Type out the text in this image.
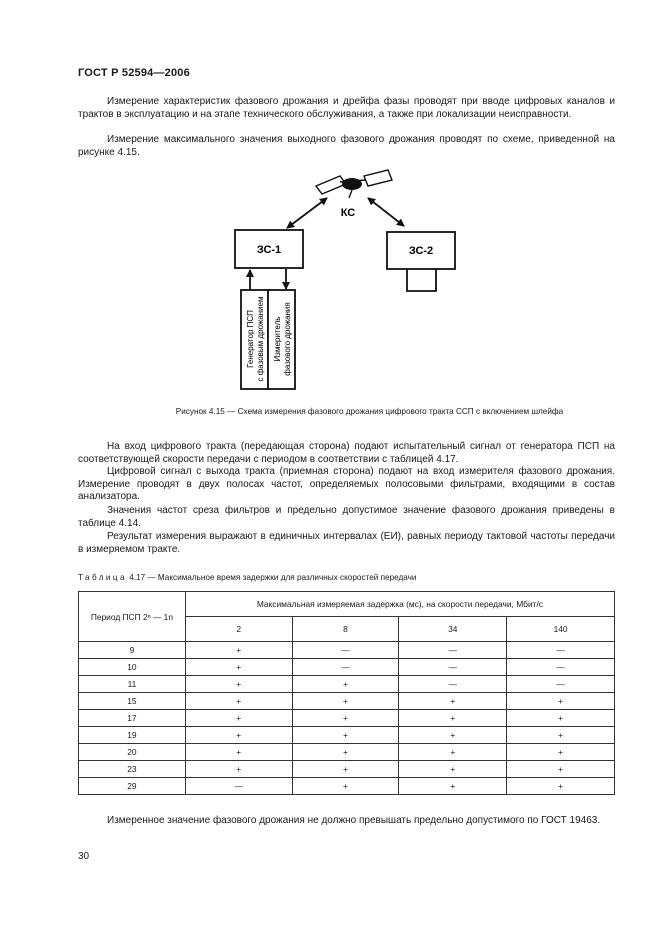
ГОСТ Р 52594—2006

Измерение характеристик фазового дрожания и дрейфа фазы проводят при вводе цифровых каналов и трактов в эксплуатацию и на этапе технического обслуживания, а также при локализации неисправности.

Измерение максимального значения выходного фазового дрожания проводят по схеме, приведенной на рисунке 4.15.

КС
ЗС-1	ЗС-2
Генератор ПСП с фазовым дрожанием Измеритель фазового дрожания
Рисунок 4.15 — Схема измерения фазового дрожания цифрового тракта ССП с включением шлейфа

На вход цифрового тракта (передающая сторона) подают испытательный сигнал от генератора ПСП на соответствующей скорости передачи с периодом в соответствии с таблицей 4.17.

Цифровой сигнал с выхода тракта (приемная сторона) подают на вход измерителя фазового дрожания. Измерение проводят в двух полосах частот, определяемых полосовыми фильтрами, входящими в состав анализатора.

Значения частот среза фильтров и предельно допустимое значение фазового дрожания приведены в таблице 4.14.

Результат измерения выражают в единичных интервалах (ЕИ), равных периоду тактовой частоты передачи в измеряемом тракте.

Таблица 4.17 — Максимальное время задержки для различных скоростей передачи
Период ПСП 2ⁿ — 1n	Максимальная измеряемая задержка (мс), на скорости передачи, Мбит/с			
	2	8	34	140
9	+	—	—	—
10	+	—	—	—
11	+	+	—	—
15	+	+	+	+
17	+	+	+	+
19	+	+	+	+
20	+	+	+	+
23	+	+	+	+
29	—	+	+	+

Измеренное значение фазового дрожания не должно превышать предельно допустимого по ГОСТ 19463.

30
